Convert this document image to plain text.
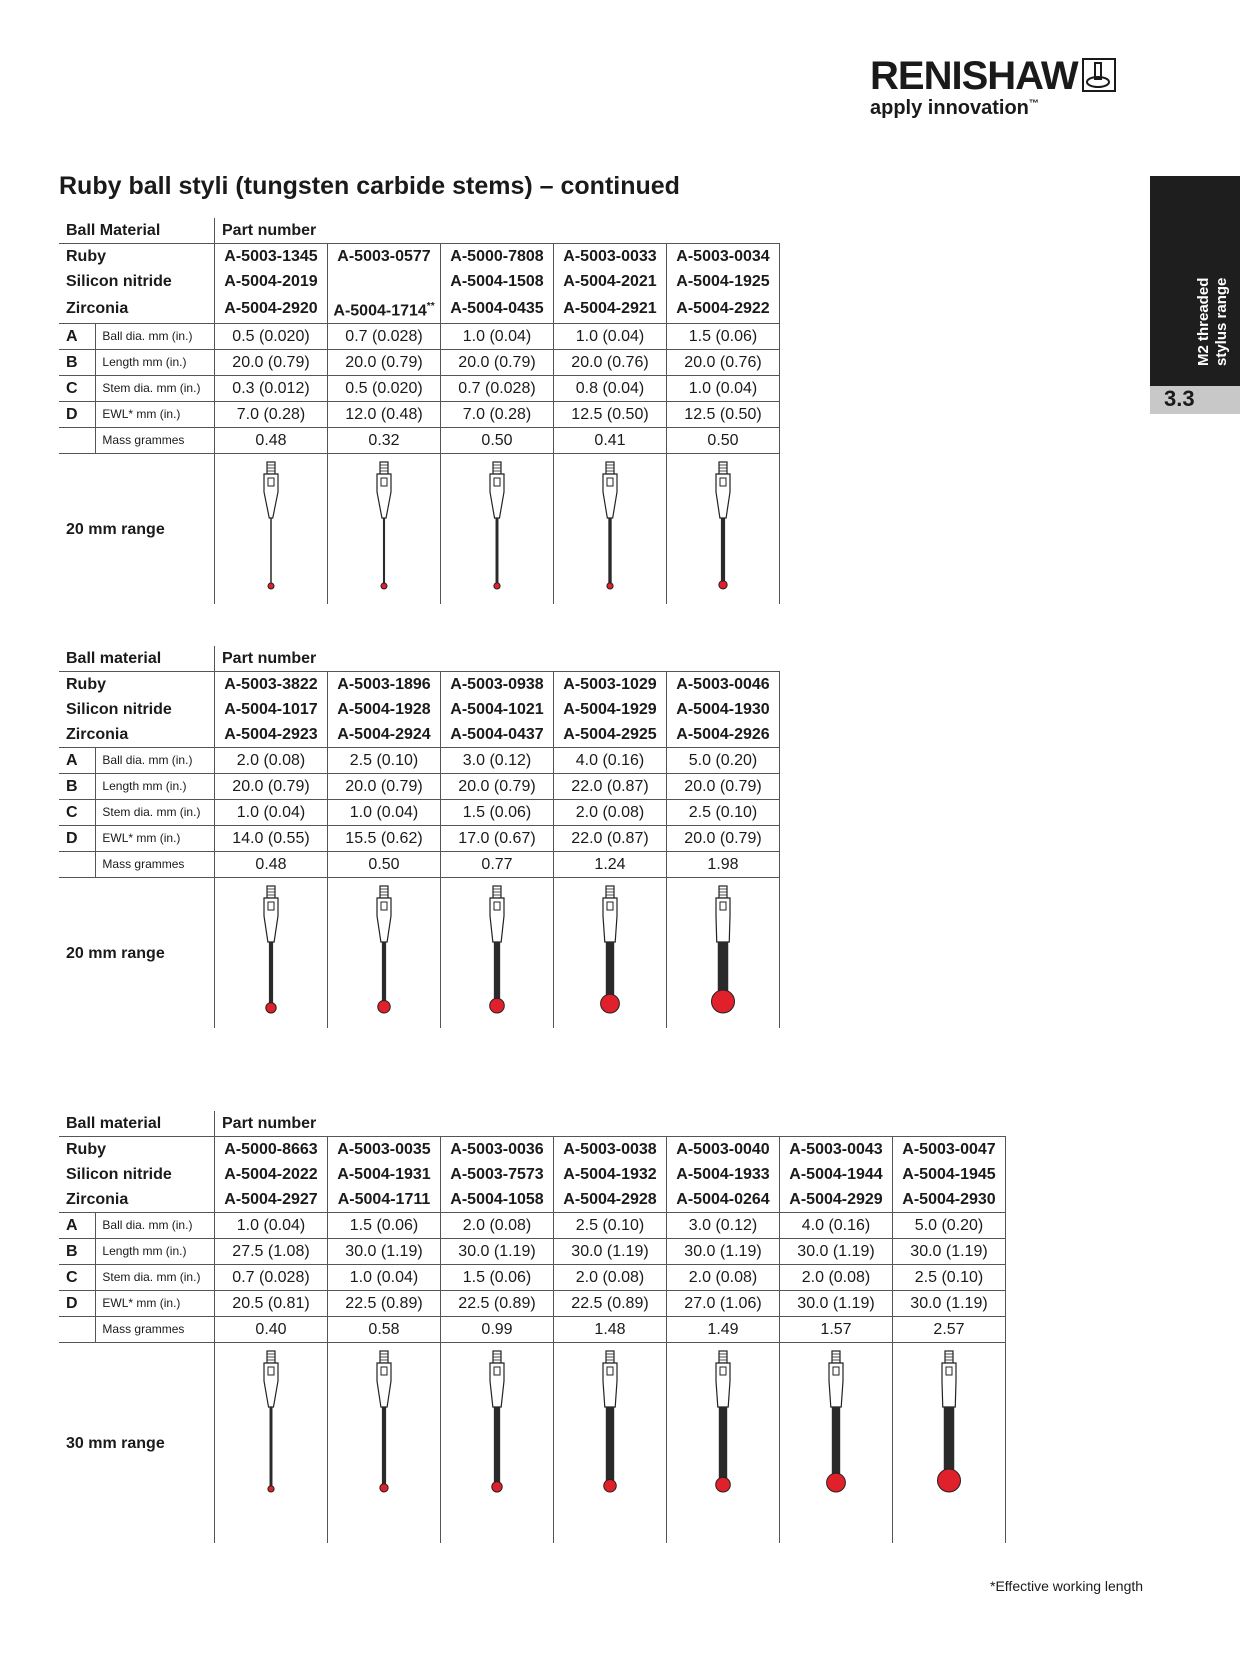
RENISHAW
apply innovation™
Ruby ball styli (tungsten carbide stems) – continued
M2 threaded stylus range
3.3
Ball Material		Part number				
Ruby		A-5003-1345	A-5003-0577	A-5000-7808	A-5003-0033	A-5003-0034
Silicon nitride		A-5004-2019		A-5004-1508	A-5004-2021	A-5004-1925
Zirconia		A-5004-2920	A-5004-1714**	A-5004-0435	A-5004-2921	A-5004-2922
A	Ball dia. mm (in.)	0.5 (0.020)	0.7 (0.028)	1.0 (0.04)	1.0 (0.04)	1.5 (0.06)
B	Length mm (in.)	20.0 (0.79)	20.0 (0.79)	20.0 (0.79)	20.0 (0.76)	20.0 (0.76)
C	Stem dia. mm (in.)	0.3 (0.012)	0.5 (0.020)	0.7 (0.028)	0.8 (0.04)	1.0 (0.04)
D	EWL* mm (in.)	7.0 (0.28)	12.0 (0.48)	7.0 (0.28)	12.5 (0.50)	12.5 (0.50)
	Mass grammes	0.48	0.32	0.50	0.41	0.50
20 mm range	

Ball material		Part number				
Ruby		A-5003-3822	A-5003-1896	A-5003-0938	A-5003-1029	A-5003-0046
Silicon nitride		A-5004-1017	A-5004-1928	A-5004-1021	A-5004-1929	A-5004-1930
Zirconia		A-5004-2923	A-5004-2924	A-5004-0437	A-5004-2925	A-5004-2926
A	Ball dia. mm (in.)	2.0 (0.08)	2.5 (0.10)	3.0 (0.12)	4.0 (0.16)	5.0 (0.20)
B	Length mm (in.)	20.0 (0.79)	20.0 (0.79)	20.0 (0.79)	22.0 (0.87)	20.0 (0.79)
C	Stem dia. mm (in.)	1.0 (0.04)	1.0 (0.04)	1.5 (0.06)	2.0 (0.08)	2.5 (0.10)
D	EWL* mm (in.)	14.0 (0.55)	15.5 (0.62)	17.0 (0.67)	22.0 (0.87)	20.0 (0.79)
	Mass grammes	0.48	0.50	0.77	1.24	1.98
20 mm range	

Ball material		Part number						
Ruby		A-5000-8663	A-5003-0035	A-5003-0036	A-5003-0038	A-5003-0040	A-5003-0043	A-5003-0047
Silicon nitride		A-5004-2022	A-5004-1931	A-5003-7573	A-5004-1932	A-5004-1933	A-5004-1944	A-5004-1945
Zirconia		A-5004-2927	A-5004-1711	A-5004-1058	A-5004-2928	A-5004-0264	A-5004-2929	A-5004-2930
A	Ball dia. mm (in.)	1.0 (0.04)	1.5 (0.06)	2.0 (0.08)	2.5 (0.10)	3.0 (0.12)	4.0 (0.16)	5.0 (0.20)
B	Length mm (in.)	27.5 (1.08)	30.0 (1.19)	30.0 (1.19)	30.0 (1.19)	30.0 (1.19)	30.0 (1.19)	30.0 (1.19)
C	Stem dia. mm (in.)	0.7 (0.028)	1.0 (0.04)	1.5 (0.06)	2.0 (0.08)	2.0 (0.08)	2.0 (0.08)	2.5 (0.10)
D	EWL* mm (in.)	20.5 (0.81)	22.5 (0.89)	22.5 (0.89)	22.5 (0.89)	27.0 (1.06)	30.0 (1.19)	30.0 (1.19)
	Mass grammes	0.40	0.58	0.99	1.48	1.49	1.57	2.57
30 mm range	

*Effective working length
